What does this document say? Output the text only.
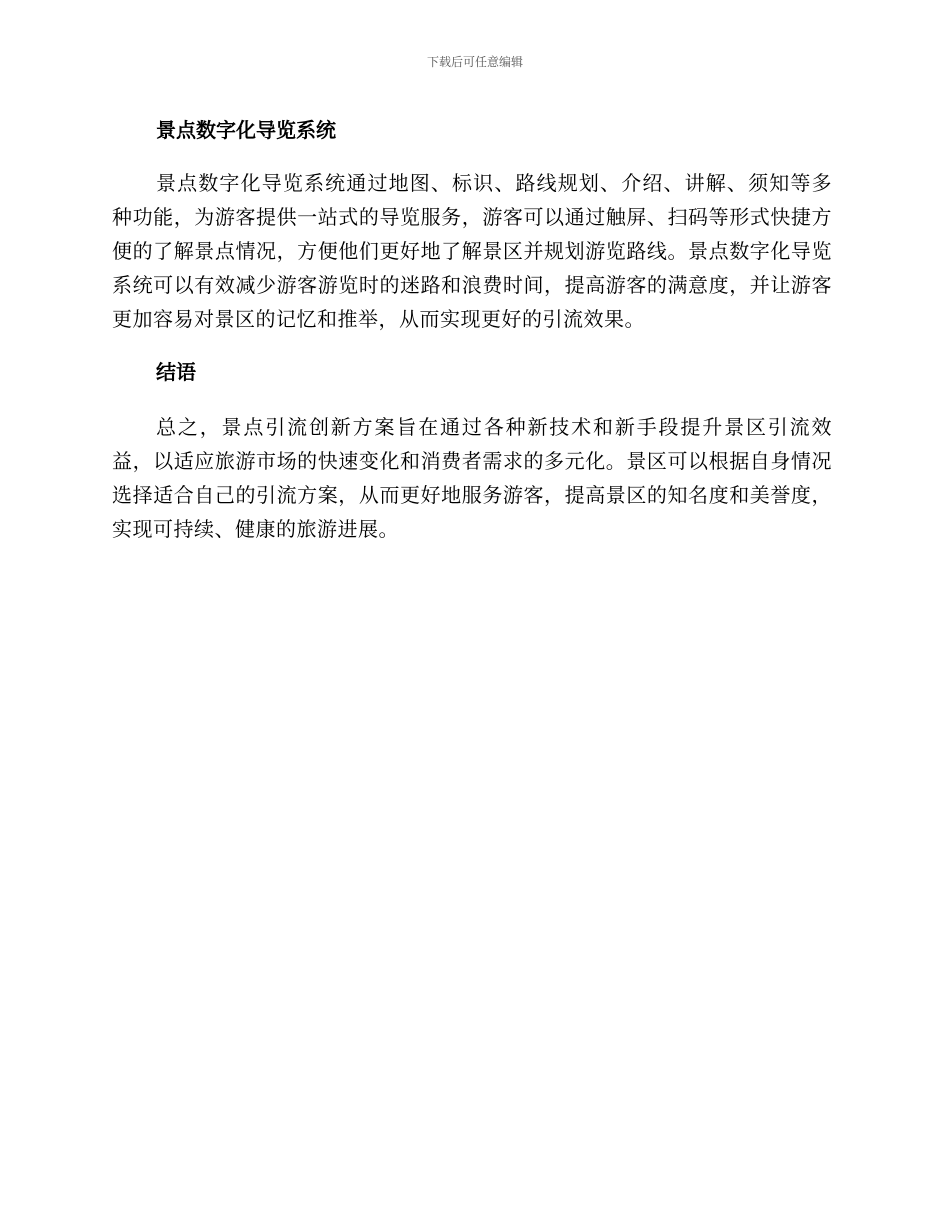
下载后可任意编辑
景点数字化导览系统

景点数字化导览系统通过地图、标识、路线规划、介绍、讲解、须知等多种功能，为游客提供一站式的导览服务，游客可以通过触屏、扫码等形式快捷方便的了解景点情况，方便他们更好地了解景区并规划游览路线。景点数字化导览系统可以有效减少游客游览时的迷路和浪费时间，提高游客的满意度，并让游客更加容易对景区的记忆和推举，从而实现更好的引流效果。

结语

总之，景点引流创新方案旨在通过各种新技术和新手段提升景区引流效益，以适应旅游市场的快速变化和消费者需求的多元化。景区可以根据自身情况选择适合自己的引流方案，从而更好地服务游客，提高景区的知名度和美誉度，实现可持续、健康的旅游进展。
